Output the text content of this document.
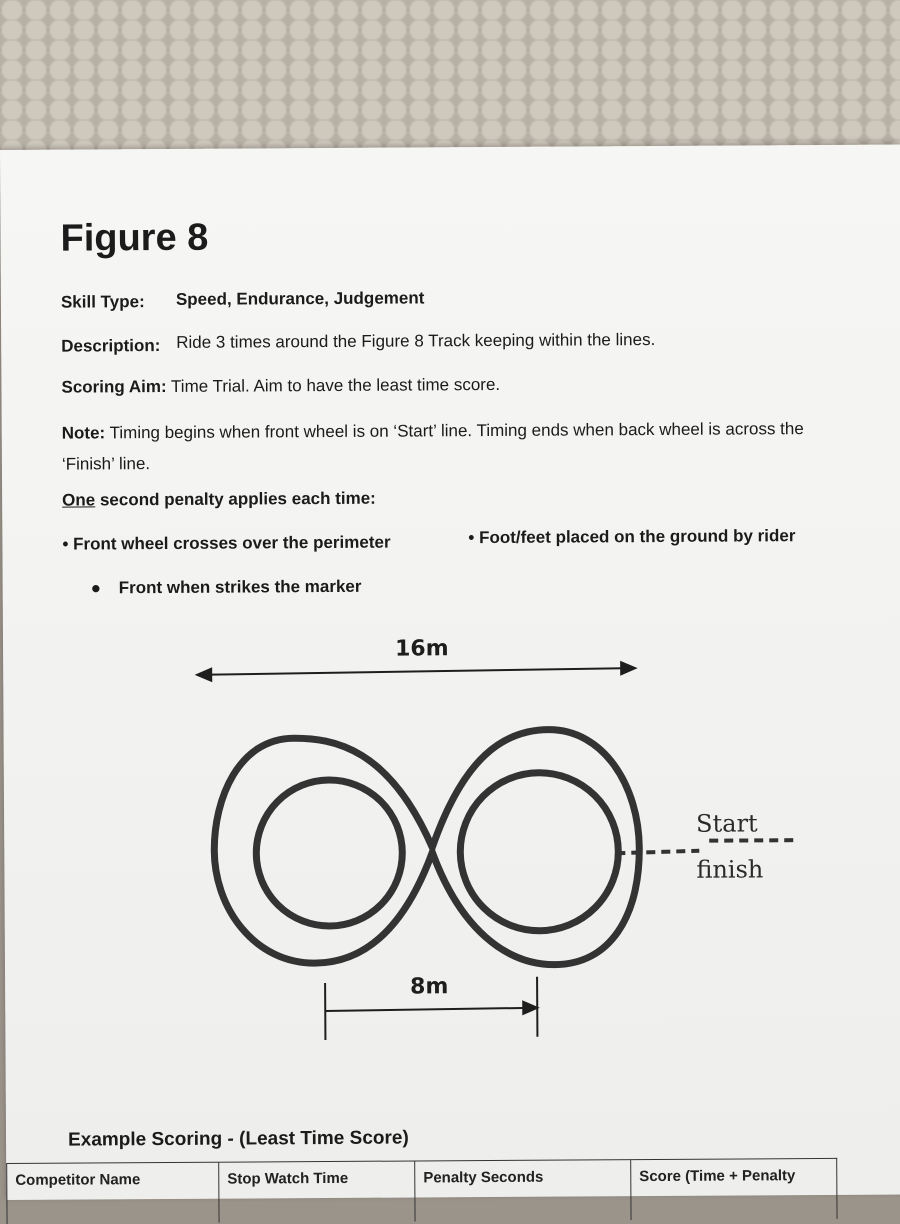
Figure 8
Skill Type: Speed, Endurance, Judgement
Description: Ride 3 times around the Figure 8 Track keeping within the lines.
Scoring Aim: Time Trial. Aim to have the least time score.
Note: Timing begins when front wheel is on ‘Start’ line. Timing ends when back wheel is across the ‘Finish’ line.
One second penalty applies each time:
• Front wheel crosses over the perimeter	• Foot/feet placed on the ground by rider
● Front when strikes the marker
16m
Start
finish
8m
Example Scoring - (Least Time Score)
Competitor Name	Stop Watch Time	Penalty Seconds	Score (Time + Penalty
